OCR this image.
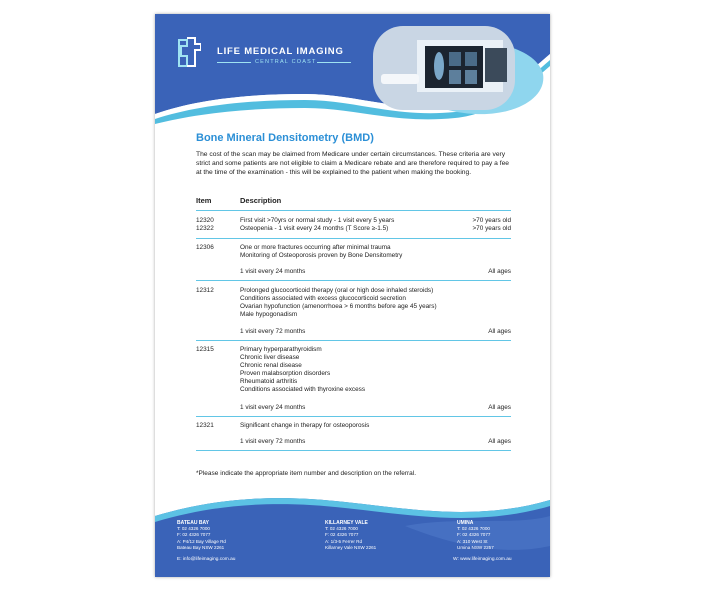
LIFE MEDICAL IMAGING
CENTRAL COAST
Bone Mineral Densitometry (BMD)
The cost of the scan may be claimed from Medicare under certain circumstances. These criteria are very strict and some patients are not eligible to claim a Medicare rebate and are therefore required to pay a fee at the time of the examination - this will be explained to the patient when making the booking.
Item	Description
12320	First visit >70yrs or normal study - 1 visit every 5 years	>70 years old
12322	Osteopenia - 1 visit every 24 months (T Score ≥-1.5)	>70 years old
12306	One or more fractures occurring after minimal trauma
Monitoring of Osteoporosis proven by Bone Densitometry
1 visit every 24 months	All ages
12312	Prolonged glucocorticoid therapy (oral or high dose inhaled steroids)
Conditions associated with excess glucocorticoid secretion
Ovarian hypofunction (amenorrhoea > 6 months before age 45 years)
Male hypogonadism
1 visit every 72 months	All ages
12315	Primary hyperparathyroidism
Chronic liver disease
Chronic renal disease
Proven malabsorption disorders
Rheumatoid arthritis
Conditions associated with thyroxine excess
1 visit every 24 months	All ages
12321	Significant change in therapy for osteoporosis
1 visit every 72 months	All ages
*Please indicate the appropriate item number and description on the referral.
BATEAU BAY
T: 02 4326 7000
F: 02 4326 7077
A: P4/12 Bay Village Rd
Bateau Bay NSW 2261
KILLARNEY VALE
T: 02 4326 7000
F: 02 4326 7077
A: 1/3-5 Ferrer Rd
Killarney Vale NSW 2261
UMINA
T: 02 4326 7000
F: 02 4326 7077
A: 310 West St
Umina NSW 2257
E: info@lifeimaging.com.au	W: www.lifeimaging.com.au
